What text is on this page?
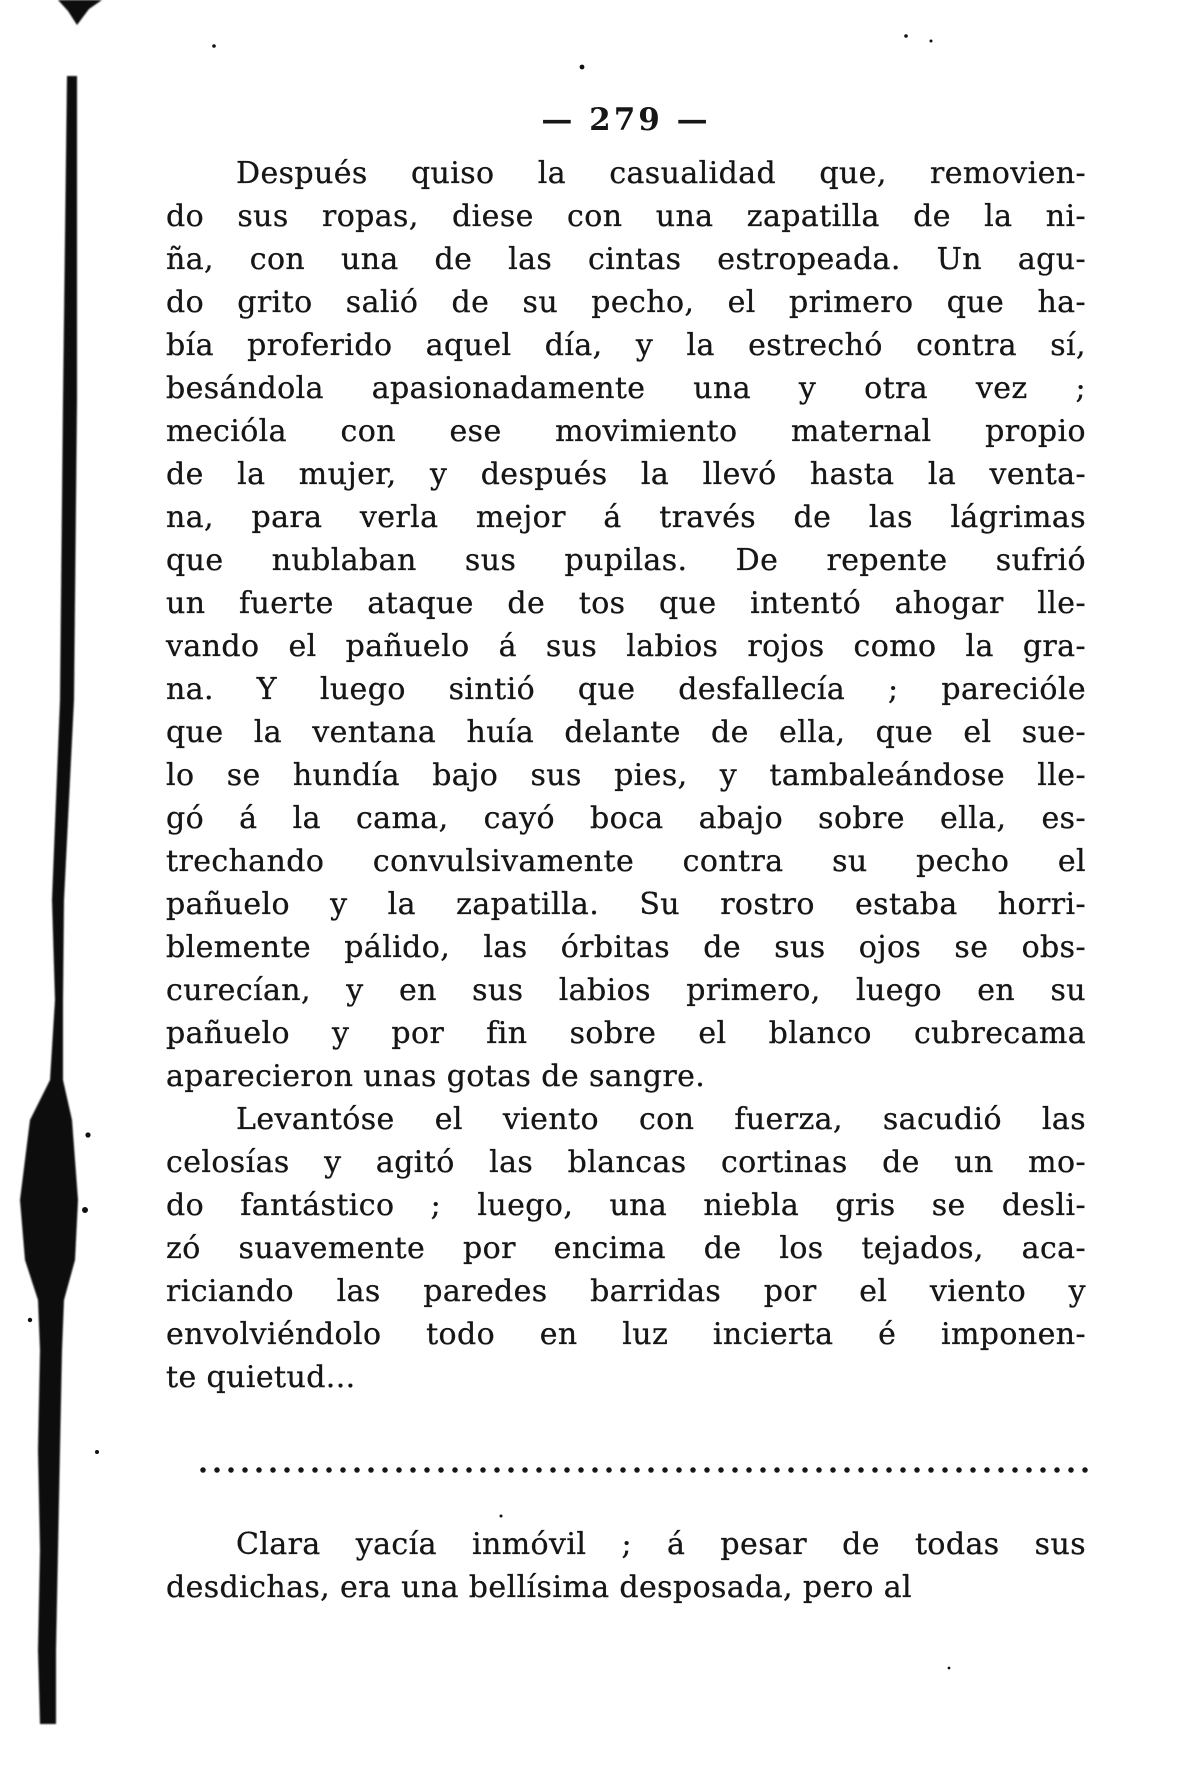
— 279 —
Después quiso la casualidad que, removien-
do sus ropas, diese con una zapatilla de la ni-
ña, con una de las cintas estropeada. Un agu-
do grito salió de su pecho, el primero que ha-
bía proferido aquel día, y la estrechó contra sí,
besándola apasionadamente una y otra vez ;
mecióla con ese movimiento maternal propio
de la mujer, y después la llevó hasta la venta-
na, para verla mejor á través de las lágrimas
que nublaban sus pupilas. De repente sufrió
un fuerte ataque de tos que intentó ahogar lle-
vando el pañuelo á sus labios rojos como la gra-
na. Y luego sintió que desfallecía ; parecióle
que la ventana huía delante de ella, que el sue-
lo se hundía bajo sus pies, y tambaleándose lle-
gó á la cama, cayó boca abajo sobre ella, es-
trechando convulsivamente contra su pecho el
pañuelo y la zapatilla. Su rostro estaba horri-
blemente pálido, las órbitas de sus ojos se obs-
curecían, y en sus labios primero, luego en su
pañuelo y por fin sobre el blanco cubrecama
aparecieron unas gotas de sangre.
Levantóse el viento con fuerza, sacudió las
celosías y agitó las blancas cortinas de un mo-
do fantástico ; luego, una niebla gris se desli-
zó suavemente por encima de los tejados, aca-
riciando las paredes barridas por el viento y
envolviéndolo todo en luz incierta é imponen-
te quietud...
Clara yacía inmóvil ; á pesar de todas sus
desdichas, era una bellísima desposada, pero al
